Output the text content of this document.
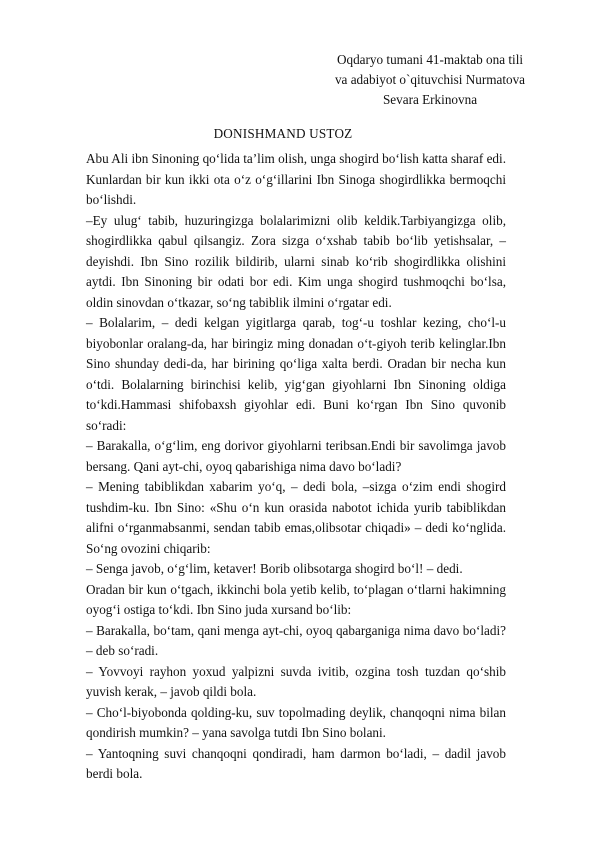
Oqdaryo tumani 41-maktab ona tili
va adabiyot o`qituvchisi Nurmatova
Sevara Erkinovna
DONISHMAND USTOZ

Abu Ali ibn Sinoning qo‘lida ta’lim olish, unga shogird bo‘lish katta sharaf edi. Kunlardan bir kun ikki ota o‘z o‘g‘illarini Ibn Sinoga shogirdlikka bermoqchi bo‘lishdi.

–Ey ulug‘ tabib, huzuringizga bolalarimizni olib keldik.Tarbiyangizga olib, shogirdlikka qabul qilsangiz. Zora sizga o‘xshab tabib bo‘lib yetishsalar, – deyishdi. Ibn Sino rozilik bildirib, ularni sinab ko‘rib shogirdlikka olishini aytdi. Ibn Sinoning bir odati bor edi. Kim unga shogird tushmoqchi bo‘lsa, oldin sinovdan o‘tkazar, so‘ng tabiblik ilmini o‘rgatar edi.

– Bolalarim, – dedi kelgan yigitlarga qarab, tog‘-u toshlar kezing, cho‘l-u biyobonlar oralang-da, har biringiz ming donadan o‘t-giyoh terib kelinglar.Ibn Sino shunday dedi-da, har birining qo‘liga xalta berdi. Oradan bir necha kun o‘tdi. Bolalarning birinchisi kelib, yig‘gan giyohlarni Ibn Sinoning oldiga to‘kdi.Hammasi shifobaxsh giyohlar edi. Buni ko‘rgan Ibn Sino quvonib so‘radi:

– Barakalla, o‘g‘lim, eng dorivor giyohlarni teribsan.Endi bir savolimga javob bersang. Qani ayt-chi, oyoq qabarishiga nima davo bo‘ladi?

– Mening tabiblikdan xabarim yo‘q, – dedi bola, –sizga o‘zim endi shogird tushdim-ku. Ibn Sino: «Shu o‘n kun orasida nabotot ichida yurib tabiblikdan alifni o‘rganmabsanmi, sendan tabib emas,olibsotar chiqadi» – dedi ko‘nglida. So‘ng ovozini chiqarib:

– Senga javob, o‘g‘lim, ketaver! Borib olibsotarga shogird bo‘l! – dedi.

Oradan bir kun o‘tgach, ikkinchi bola yetib kelib, to‘plagan o‘tlarni hakimning oyog‘i ostiga to‘kdi. Ibn Sino juda xursand bo‘lib:

– Barakalla, bo‘tam, qani menga ayt-chi, oyoq qabarganiga nima davo bo‘ladi? – deb so‘radi.

– Yovvoyi rayhon yoxud yalpizni suvda ivitib, ozgina tosh tuzdan qo‘shib yuvish kerak, – javob qildi bola.

– Cho‘l-biyobonda qolding-ku, suv topolmading deylik, chanqoqni nima bilan qondirish mumkin? – yana savolga tutdi Ibn Sino bolani.

– Yantoqning suvi chanqoqni qondiradi, ham darmon bo‘ladi, – dadil javob berdi bola.
